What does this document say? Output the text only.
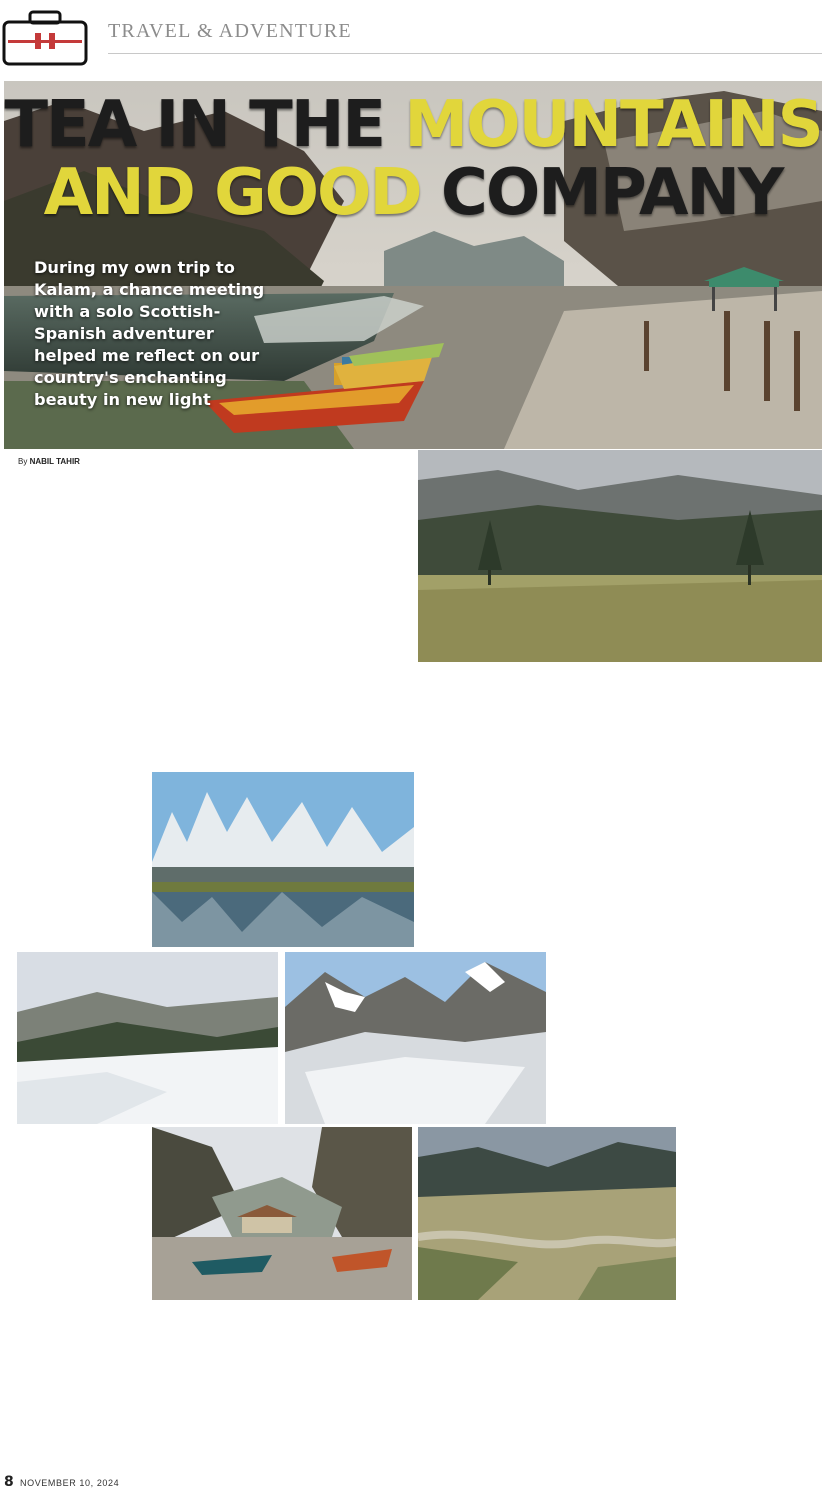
TRAVEL & ADVENTURE
TEA IN THE MOUNTAINS
AND GOOD COMPANY
During my own trip to Kalam, a chance meeting with a solo Scottish-Spanish adventurer helped me reflect on our country's enchanting beauty in new light
By NABIL TAHIR
8 NOVEMBER 10, 2024
